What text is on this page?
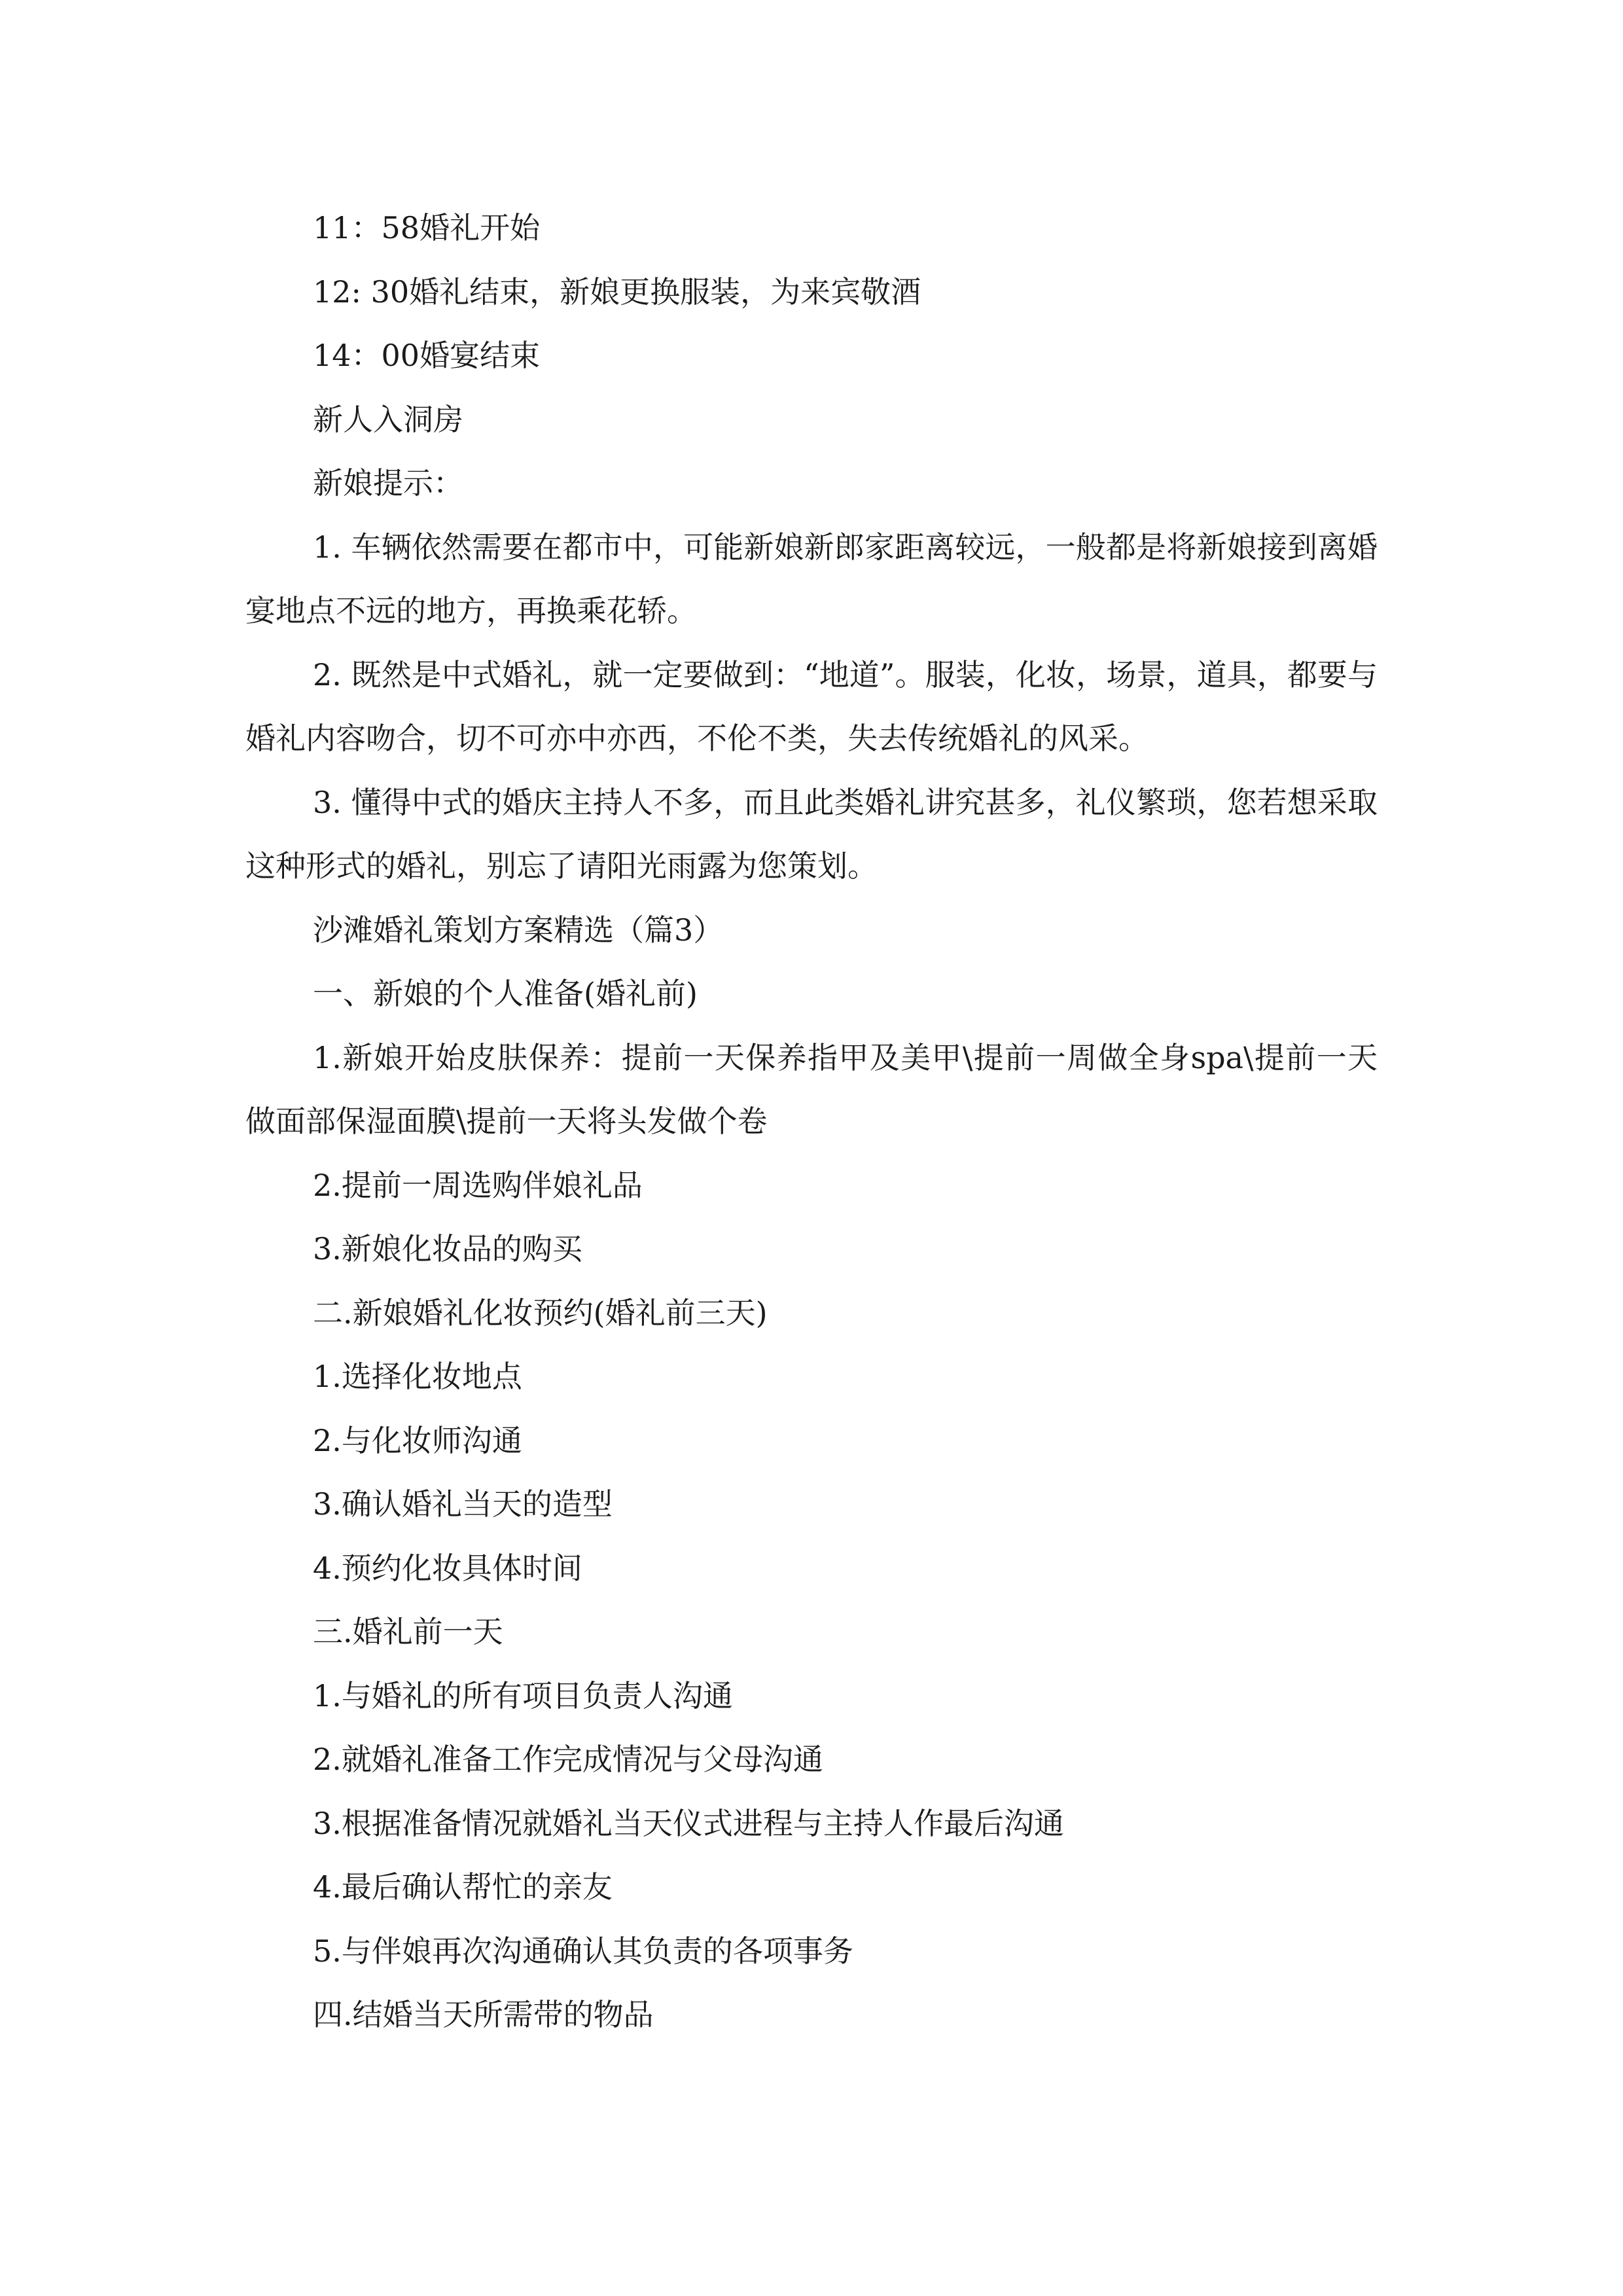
11：58婚礼开始

12: 30婚礼结束，新娘更换服装，为来宾敬酒

14：00婚宴结束

新人入洞房

新娘提示：

1. 车辆依然需要在都市中，可能新娘新郎家距离较远，一般都是将新娘接到离婚宴地点不远的地方，再换乘花轿。

2. 既然是中式婚礼，就一定要做到：“地道”。服装，化妆，场景，道具，都要与婚礼内容吻合，切不可亦中亦西，不伦不类，失去传统婚礼的风采。

3. 懂得中式的婚庆主持人不多，而且此类婚礼讲究甚多，礼仪繁琐，您若想采取这种形式的婚礼，别忘了请阳光雨露为您策划。

沙滩婚礼策划方案精选（篇3）

一、新娘的个人准备(婚礼前)

1.新娘开始皮肤保养：提前一天保养指甲及美甲\提前一周做全身spa\提前一天做面部保湿面膜\提前一天将头发做个卷

2.提前一周选购伴娘礼品

3.新娘化妆品的购买

二.新娘婚礼化妆预约(婚礼前三天)

1.选择化妆地点

2.与化妆师沟通

3.确认婚礼当天的造型

4.预约化妆具体时间

三.婚礼前一天

1.与婚礼的所有项目负责人沟通

2.就婚礼准备工作完成情况与父母沟通

3.根据准备情况就婚礼当天仪式进程与主持人作最后沟通

4.最后确认帮忙的亲友

5.与伴娘再次沟通确认其负责的各项事务

四.结婚当天所需带的物品
